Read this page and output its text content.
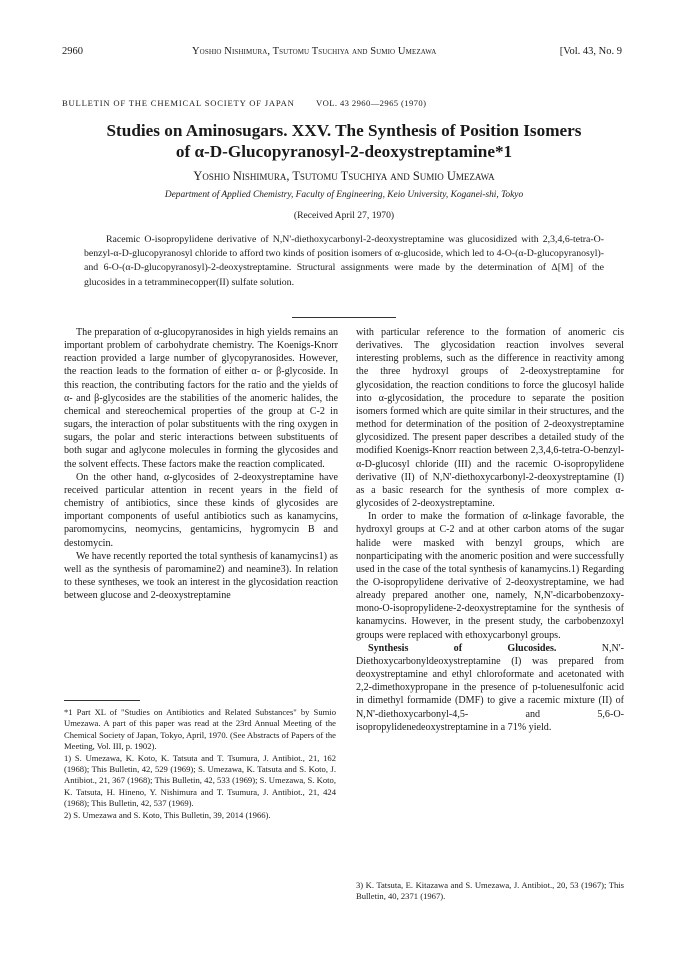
2960	Yoshio Nishimura, Tsutomu Tsuchiya and Sumio Umezawa	[Vol. 43, No. 9
BULLETIN OF THE CHEMICAL SOCIETY OF JAPAN VOL. 43 2960—2965 (1970)
Studies on Aminosugars. XXV. The Synthesis of Position Isomers
of α-D-Glucopyranosyl-2-deoxystreptamine*1
Yoshio Nishimura, Tsutomu Tsuchiya and Sumio Umezawa
Department of Applied Chemistry, Faculty of Engineering, Keio University, Koganei-shi, Tokyo
(Received April 27, 1970)

Racemic O-isopropylidene derivative of N,N'-diethoxycarbonyl-2-deoxystreptamine was glucosidized with 2,3,4,6-tetra-O-benzyl-α-D-glucopyranosyl chloride to afford two kinds of position isomers of α-glucoside, which led to 4-O-(α-D-glucopyranosyl)- and 6-O-(α-D-glucopyranosyl)-2-deoxystreptamine. Structural assignments were made by the determination of Δ[M] of the glucosides in a tetramminecopper(II) sulfate solution.

The preparation of α-glucopyranosides in high yields remains an important problem of carbohydrate chemistry. The Koenigs-Knorr reaction provided a large number of glycopyranosides. However, the reaction leads to the formation of either α- or β-glycoside. In this reaction, the contributing factors for the ratio and the yields of α- and β-glycosides are the stabilities of the anomeric halides, the chemical and stereochemical properties of the group at C-2 in sugars, the interaction of polar substituents with the ring oxygen in sugars, the polar and steric interactions between substituents of both sugar and aglycone molecules in forming the glycosides and the solvent effects. These factors make the reaction complicated.

On the other hand, α-glycosides of 2-deoxystreptamine have received particular attention in recent years in the field of chemistry of antibiotics, since these kinds of glycosides are important components of useful antibiotics such as kanamycins, paromomycins, neomycins, gentamicins, hygromycin B and destomycin.

We have recently reported the total synthesis of kanamycins1) as well as the synthesis of paromamine2) and neamine3). In relation to these syntheses, we took an interest in the glycosidation reaction between glucose and 2-deoxystreptamine

*1 Part XL of "Studies on Antibiotics and Related Substances" by Sumio Umezawa. A part of this paper was read at the 23rd Annual Meeting of the Chemical Society of Japan, Tokyo, April, 1970. (See Abstracts of Papers of the Meeting, Vol. III, p. 1902).

1) S. Umezawa, K. Koto, K. Tatsuta and T. Tsumura, J. Antibiot., 21, 162 (1968); This Bulletin, 42, 529 (1969); S. Umezawa, K. Tatsuta and S. Koto, J. Antibiot., 21, 367 (1968); This Bulletin, 42, 533 (1969); S. Umezawa, S. Koto, K. Tatsuta, H. Hineno, Y. Nishimura and T. Tsumura, J. Antibiot., 21, 424 (1968); This Bulletin, 42, 537 (1969).

2) S. Umezawa and S. Koto, This Bulletin, 39, 2014 (1966).

with particular reference to the formation of anomeric cis derivatives. The glycosidation reaction involves several interesting problems, such as the difference in reactivity among the three hydroxyl groups of 2-deoxystreptamine for glycosidation, the reaction conditions to force the glucosyl halide into α-glycosidation, the procedure to separate the position isomers formed which are quite similar in their structures, and the method for determination of the position of 2-deoxystreptamine glycosidized. The present paper describes a detailed study of the modified Koenigs-Knorr reaction between 2,3,4,6-tetra-O-benzyl-α-D-glucosyl chloride (III) and the racemic O-isopropylidene derivative (II) of N,N'-diethoxycarbonyl-2-deoxystreptamine (I) as a basic research for the synthesis of more complex α-glycosides of 2-deoxystreptamine.

In order to make the formation of α-linkage favorable, the hydroxyl groups at C-2 and at other carbon atoms of the sugar halide were masked with benzyl groups, which are nonparticipating with the anomeric position and were successfully used in the case of the total synthesis of kanamycins.1) Regarding the O-isopropylidene derivative of 2-deoxystreptamine, we had already prepared another one, namely, N,N'-dicarbobenzoxy-mono-O-isopropylidene-2-deoxystreptamine for the synthesis of kanamycins. However, in the present study, the carbobenzoxyl groups were replaced with ethoxycarbonyl groups.

Synthesis of Glucosides.	N,N'-Diethoxycarbonyldeoxystreptamine (I) was prepared from deoxystreptamine and ethyl chloroformate and acetonated with 2,2-dimethoxypropane in the presence of p-toluenesulfonic acid in dimethyl formamide (DMF) to give a racemic mixture (II) of N,N'-diethoxycarbonyl-4,5- and 5,6-O-isopropylidenedeoxystreptamine in a 71% yield.

3) K. Tatsuta, E. Kitazawa and S. Umezawa, J. Antibiot., 20, 53 (1967); This Bulletin, 40, 2371 (1967).
